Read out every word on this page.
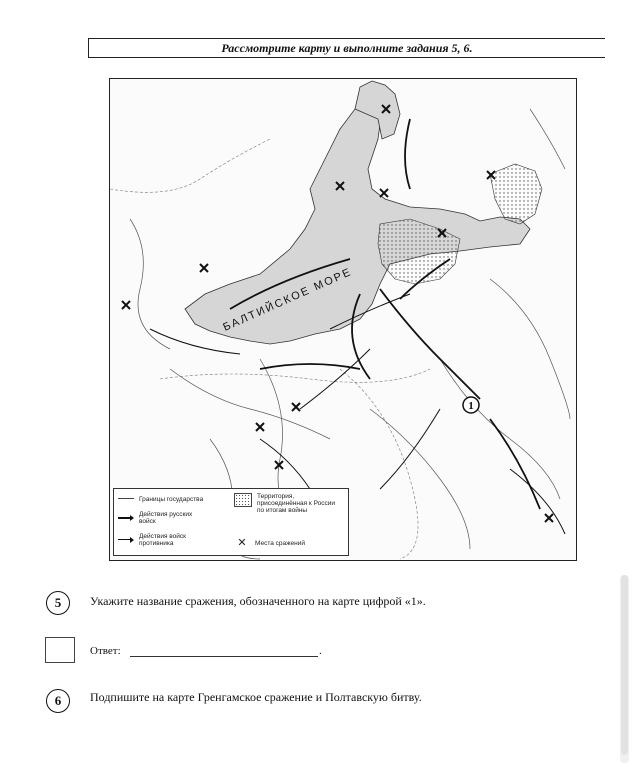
Рассмотрите карту и выполните задания 5, 6.
БАЛТИЙСКОЕ МОРЕ
1
Границы государства
Действия русских войск
Действия войск противника
Территория, присоединённая к России по итогам войны
✕	Места сражений
5 Укажите название сражения, обозначенного на карте цифрой «1».
Ответ:	.
6 Подпишите на карте Гренгамское сражение и Полтавскую битву.
